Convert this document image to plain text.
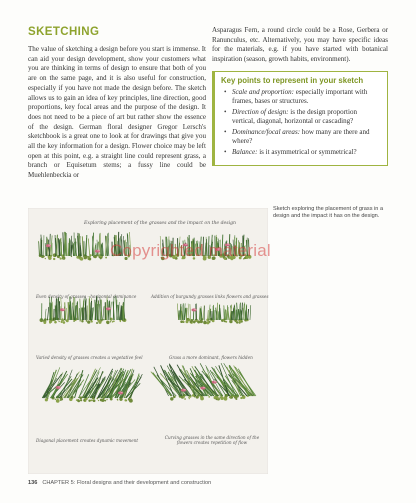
SKETCHING

The value of sketching a design before you start is immense. It can aid your design development, show your customers what you are thinking in terms of design to ensure that both of you are on the same page, and it is also useful for construction, especially if you have not made the design before. The sketch allows us to gain an idea of key principles, line direction, good proportions, key focal areas and the purpose of the design. It does not need to be a piece of art but rather show the essence of the design. German floral designer Gregor Lersch's sketchbook is a great one to look at for drawings that give you all the key information for a design. Flower choice may be left open at this point, e.g. a straight line could represent grass, a branch or Equisetum stems; a fussy line could be Muehlenbeckia or

Asparagus Fern, a round circle could be a Rose, Gerbera or Ranunculus, etc. Alternatively, you may have specific ideas for the materials, e.g. if you have started with botanical inspiration (season, growth habits, environment).

Key points to represent in your sketch
• Scale and proportion: especially important with frames, bases or structures.
• Direction of design: is the design proportion vertical, diagonal, horizontal or cascading?
• Dominance/focal areas: how many are there and where?
• Balance: is it asymmetrical or symmetrical?
Exploring placement of the grasses and the impact on the design
Even density of grasses - horizontal dominance	Addition of burgundy grasses links flowers and grasses
Varied density of grasses creates a vegetative feel	Grass a more dominant, flowers hidden
Diagonal placement creates dynamic movement
Curving grasses in the same direction of the flowers creates repetition of flow
Copyrighted material
Sketch exploring the placement of grass in a design and the impact it has on the design.
136 CHAPTER 5: Floral designs and their development and construction
